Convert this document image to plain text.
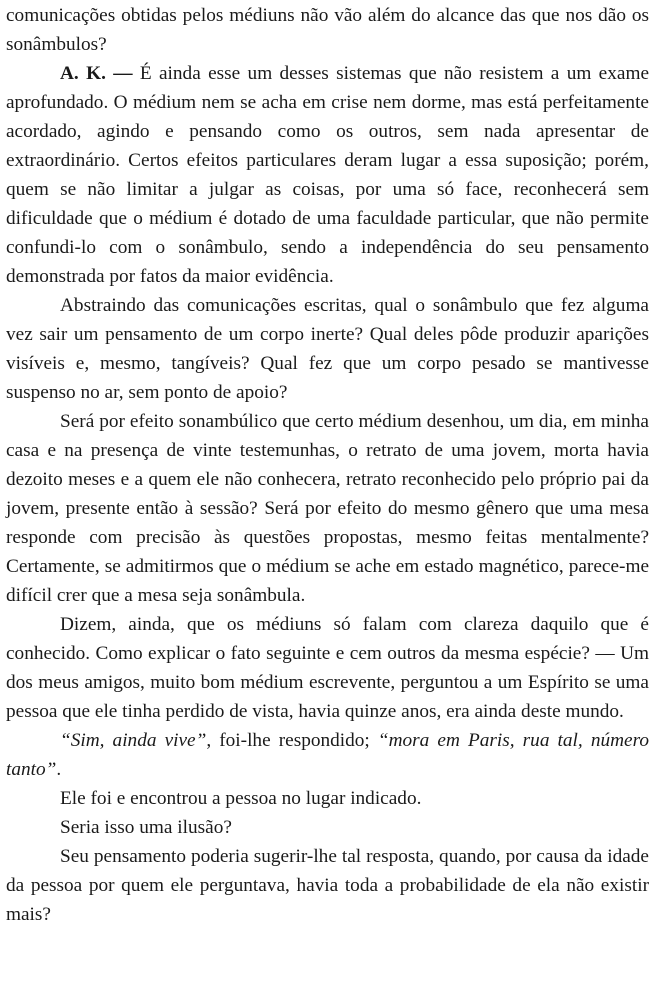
comunicações obtidas pelos médiuns não vão além do alcance das que nos dão os sonâmbulos?

A. K. — É ainda esse um desses sistemas que não resistem a um exame aprofundado. O médium nem se acha em crise nem dorme, mas está perfeitamente acordado, agindo e pensando como os outros, sem nada apresentar de extraordinário. Certos efeitos particulares deram lugar a essa suposição; porém, quem se não limitar a julgar as coisas, por uma só face, reconhecerá sem dificuldade que o médium é dotado de uma faculdade particular, que não permite confundi-lo com o sonâmbulo, sendo a independência do seu pensamento demonstrada por fatos da maior evidência.

Abstraindo das comunicações escritas, qual o sonâmbulo que fez alguma vez sair um pensamento de um corpo inerte? Qual deles pôde produzir aparições visíveis e, mesmo, tangíveis? Qual fez que um corpo pesado se mantivesse suspenso no ar, sem ponto de apoio?

Será por efeito sonambúlico que certo médium desenhou, um dia, em minha casa e na presença de vinte testemunhas, o retrato de uma jovem, morta havia dezoito meses e a quem ele não conhecera, retrato reconhecido pelo próprio pai da jovem, presente então à sessão? Será por efeito do mesmo gênero que uma mesa responde com precisão às questões propostas, mesmo feitas mentalmente? Certamente, se admitirmos que o médium se ache em estado magnético, parece-me difícil crer que a mesa seja sonâmbula.

Dizem, ainda, que os médiuns só falam com clareza daquilo que é conhecido. Como explicar o fato seguinte e cem outros da mesma espécie? — Um dos meus amigos, muito bom médium escrevente, perguntou a um Espírito se uma pessoa que ele tinha perdido de vista, havia quinze anos, era ainda deste mundo.

“Sim, ainda vive”, foi-lhe respondido; “mora em Paris, rua tal, número tanto”.

Ele foi e encontrou a pessoa no lugar indicado.

Seria isso uma ilusão?

Seu pensamento poderia sugerir-lhe tal resposta, quando, por causa da idade da pessoa por quem ele perguntava, havia toda a probabilidade de ela não existir mais?
